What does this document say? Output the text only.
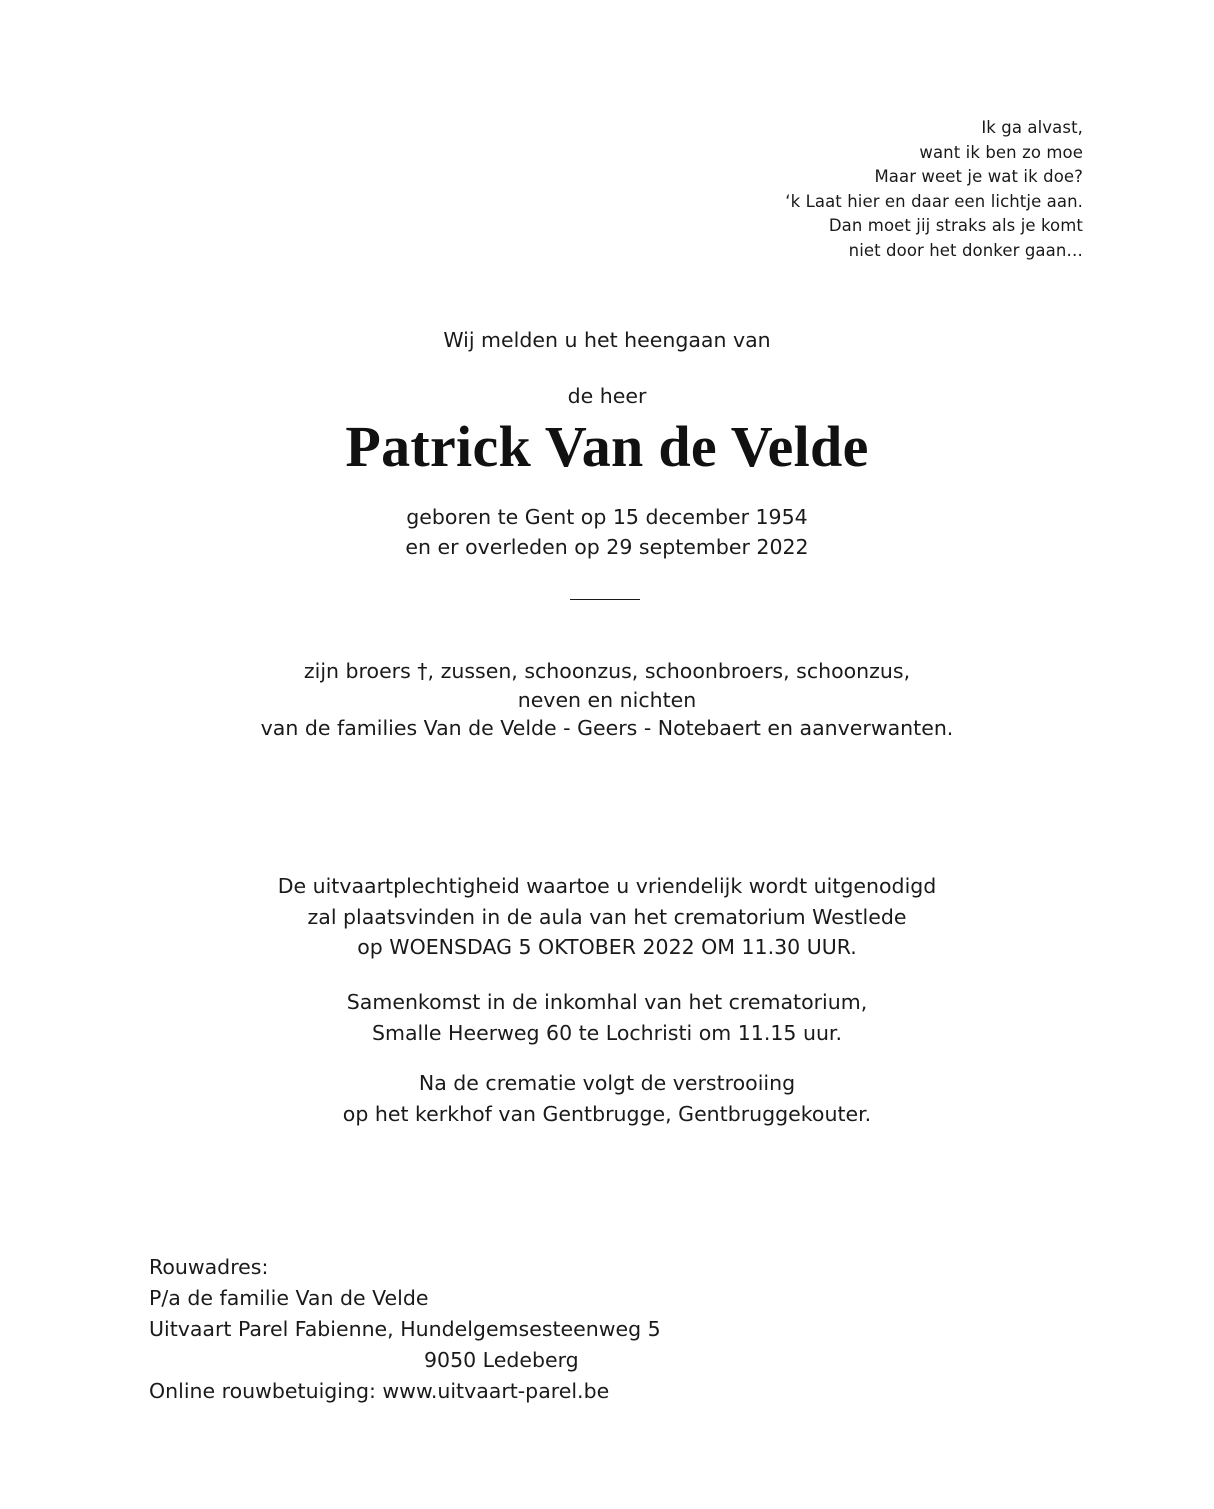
Ik ga alvast,
want ik ben zo moe
Maar weet je wat ik doe?
‘k Laat hier en daar een lichtje aan.
Dan moet jij straks als je komt
niet door het donker gaan…
Wij melden u het heengaan van
de heer
Patrick Van de Velde
geboren te Gent op 15 december 1954
en er overleden op 29 september 2022
zijn broers †, zussen, schoonzus, schoonbroers, schoonzus,
neven en nichten
van de families Van de Velde - Geers - Notebaert en aanverwanten.
De uitvaartplechtigheid waartoe u vriendelijk wordt uitgenodigd
zal plaatsvinden in de aula van het crematorium Westlede
op WOENSDAG 5 OKTOBER 2022 OM 11.30 UUR.
Samenkomst in de inkomhal van het crematorium,
Smalle Heerweg 60 te Lochristi om 11.15 uur.
Na de crematie volgt de verstrooiing
op het kerkhof van Gentbrugge, Gentbruggekouter.
Rouwadres:
P/a de familie Van de Velde
Uitvaart Parel Fabienne, Hundelgemsesteenweg 5
9050 Ledeberg
Online rouwbetuiging: www.uitvaart-parel.be
